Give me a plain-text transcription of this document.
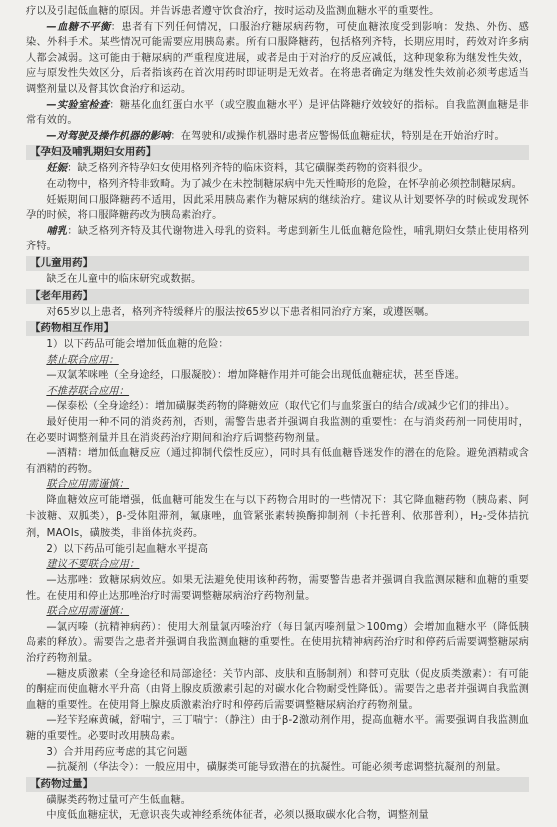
疗以及引起低血糖的原因。并告诉患者遵守饮食治疗，按时运动及监测血糖水平的重要性。
—血糖不平衡：患者有下列任何情况，口服治疗糖尿病药物，可使血糖浓度受到影响：发热、外伤、感染、外科手术。某些情况可能需要应用胰岛素。所有口服降糖药，包括格列齐特，长期应用时，药效对许多病人都会减弱。这可能由于糖尿病的严重程度进展，或者是由于对治疗的反应减低，这种现象称为继发性失效，应与原发性失效区分，后者指该药在首次用药时即证明是无效者。在将患者确定为继发性失效前必须考虑适当调整剂量以及督其饮食治疗和运动。
—实验室检查：糖基化血红蛋白水平（或空腹血糖水平）是评估降糖疗效较好的指标。自我监测血糖是非常有效的。
—对驾驶及操作机器的影响：在驾驶和/或操作机器时患者应警惕低血糖症状，特别是在开始治疗时。
【孕妇及哺乳期妇女用药】
妊娠：缺乏格列齐特孕妇女使用格列齐特的临床资料，其它磺脲类药物的资料很少。
在动物中，格列齐特非致畸。为了减少在未控制糖尿病中先天性畸形的危险，在怀孕前必须控制糖尿病。
妊娠期间口服降糖药不适用，因此采用胰岛素作为糖尿病的继续治疗。建议从计划要怀孕的时候或发现怀孕的时候，将口服降糖药改为胰岛素治疗。
哺乳：缺乏格列齐特及其代谢物进入母乳的资料。考虑到新生儿低血糖危险性，哺乳期妇女禁止使用格列齐特。
【儿童用药】
缺乏在儿童中的临床研究或数据。
【老年用药】
对65岁以上患者，格列齐特缓释片的服法按65岁以下患者相同治疗方案，或遵医嘱。
【药物相互作用】
1）以下药品可能会增加低血糖的危险：
禁止联合应用：
—双氯苯咪唑（全身途经，口服凝胶）：增加降糖作用并可能会出现低血糖症状，甚至昏迷。
不推荐联合应用：
—保泰松（全身途经）：增加磺脲类药物的降糖效应（取代它们与血浆蛋白的结合/或减少它们的排出）。
最好使用一种不同的消炎药剂，否则，需警告患者并强调自我监测的重要性：在与消炎药剂一同使用时，在必要时调整剂量并且在消炎药治疗期间和治疗后调整药物剂量。
—酒精：增加低血糖反应（通过抑制代偿性反应），同时具有低血糖昏迷发作的潜在的危险。避免酒精或含有酒精的药物。
联合应用需谨慎：
降血糖效应可能增强，低血糖可能发生在与以下药物合用时的一些情况下：其它降血糖药物（胰岛素、阿卡波糖、双胍类），β-受体阻滞剂，氟康唑，血管紧张素转换酶抑制剂（卡托普利、依那普利），H2-受体拮抗剂，MAOIs，磺胺类，非甾体抗炎药。
2）以下药品可能引起血糖水平提高
建议不要联合应用：
—达那唑：致糖尿病效应。如果无法避免使用该种药物，需要警告患者并强调自我监测尿糖和血糖的重要性。在使用和停止达那唑治疗时需要调整糖尿病治疗药物剂量。
联合应用需谨慎：
—氯丙嗪（抗精神病药）：使用大剂量氯丙嗪治疗（每日氯丙嗪剂量＞100mg）会增加血糖水平（降低胰岛素的释放）。需要告之患者并强调自我监测血糖的重要性。在使用抗精神病药治疗时和停药后需要调整糖尿病治疗药物剂量。
—糖皮质激素（全身途径和局部途径：关节内部、皮肤和直肠制剂）和替可克肽（促皮质类激素）：有可能的酮症而使血糖水平升高（由肾上腺皮质激素引起的对碳水化合物耐受性降低）。需要告之患者并强调自我监测血糖的重要性。在使用肾上腺皮质激素治疗时和停药后需要调整糖尿病治疗药物剂量。
—羟苄羟麻黄碱，舒喘宁，三丁喘宁：（静注）由于β-2激动剂作用，提高血糖水平。需要强调自我监测血糖的重要性。必要时改用胰岛素。
3）合并用药应考虑的其它问题
—抗凝剂（华法令）：一般应用中，磺脲类可能导致潜在的抗凝性。可能必须考虑调整抗凝剂的剂量。
【药物过量】
磺脲类药物过量可产生低血糖。
中度低血糖症状，无意识丧失或神经系统体征者，必须以摄取碳水化合物，调整剂量
